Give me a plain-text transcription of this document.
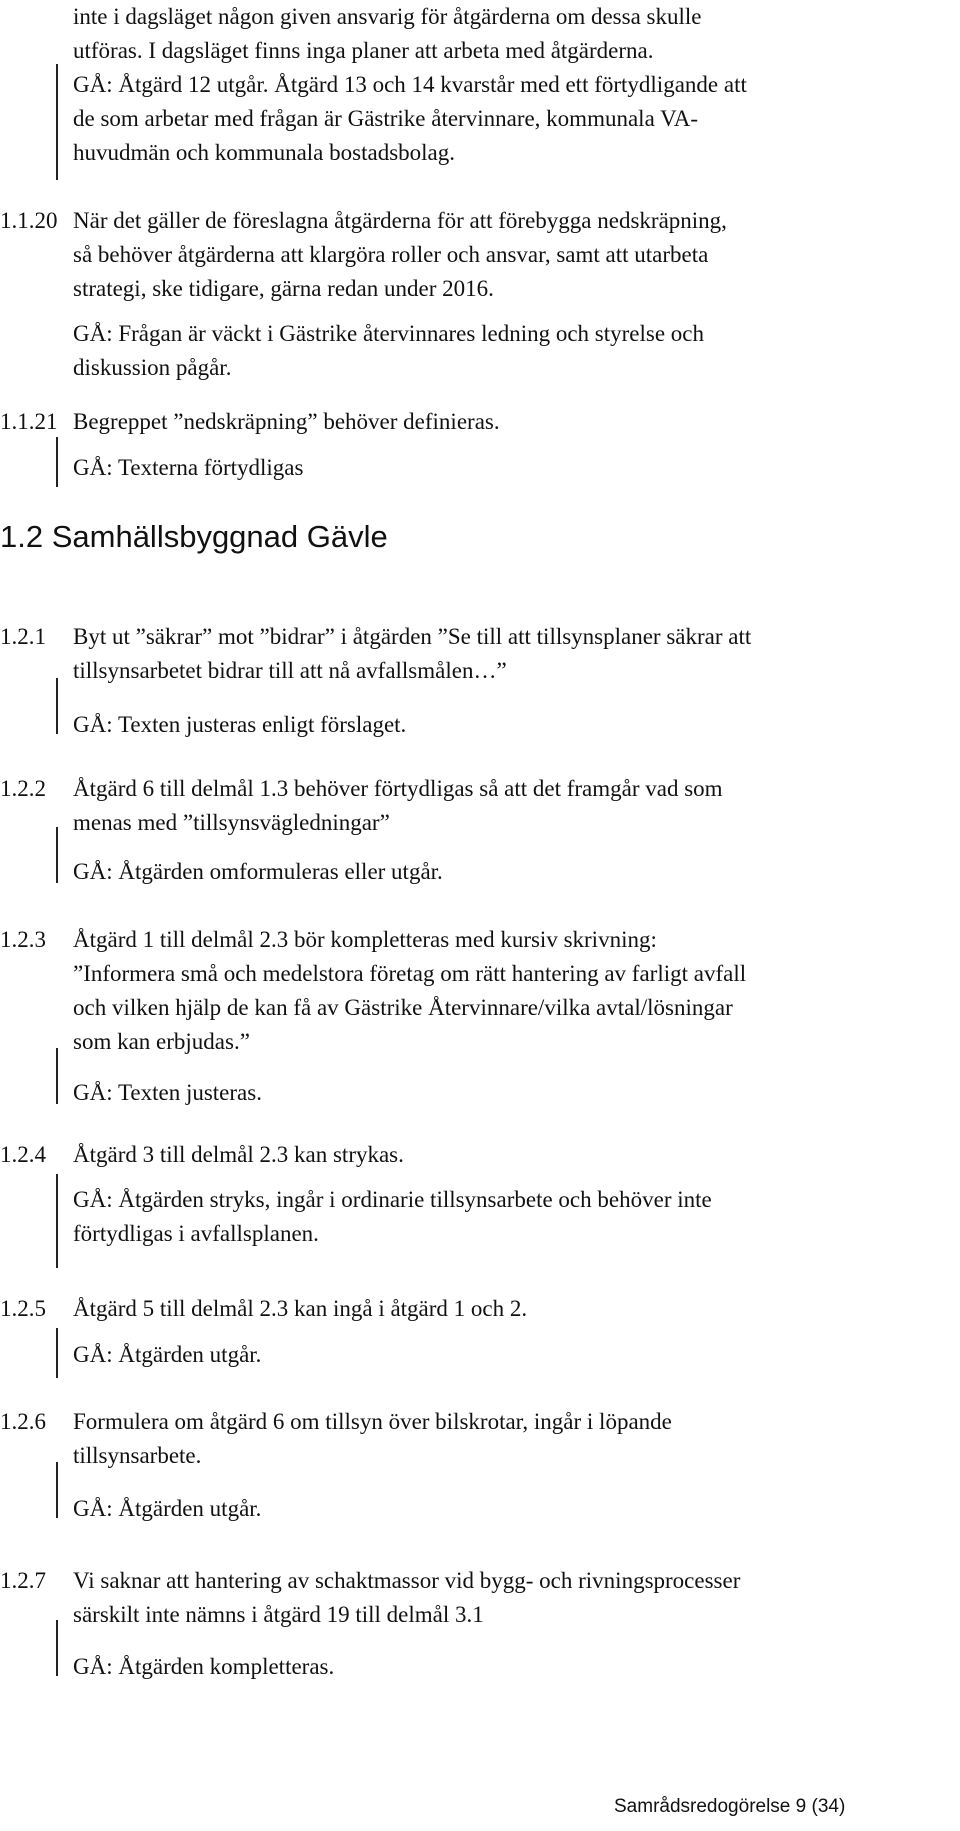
inte i dagsläget någon given ansvarig för åtgärderna om dessa skulle
utföras. I dagsläget finns inga planer att arbeta med åtgärderna.
GÅ: Åtgärd 12 utgår. Åtgärd 13 och 14 kvarstår med ett förtydligande att
de som arbetar med frågan är Gästrike återvinnare, kommunala VA-
huvudmän och kommunala bostadsbolag.
1.1.20 När det gäller de föreslagna åtgärderna för att förebygga nedskräpning,
så behöver åtgärderna att klargöra roller och ansvar, samt att utarbeta
strategi, ske tidigare, gärna redan under 2016.
GÅ: Frågan är väckt i Gästrike återvinnares ledning och styrelse och
diskussion pågår.
1.1.21 Begreppet ”nedskräpning” behöver definieras.
GÅ: Texterna förtydligas
1.2 Samhällsbyggnad Gävle
1.2.1 Byt ut ”säkrar” mot ”bidrar” i åtgärden ”Se till att tillsynsplaner säkrar att
tillsynsarbetet bidrar till att nå avfallsmålen…”
GÅ: Texten justeras enligt förslaget.
1.2.2 Åtgärd 6 till delmål 1.3 behöver förtydligas så att det framgår vad som
menas med ”tillsynsvägledningar”
GÅ: Åtgärden omformuleras eller utgår.
1.2.3 Åtgärd 1 till delmål 2.3 bör kompletteras med kursiv skrivning:
”Informera små och medelstora företag om rätt hantering av farligt avfall
och vilken hjälp de kan få av Gästrike Återvinnare/vilka avtal/lösningar
som kan erbjudas.”
GÅ: Texten justeras.
1.2.4 Åtgärd 3 till delmål 2.3 kan strykas.
GÅ: Åtgärden stryks, ingår i ordinarie tillsynsarbete och behöver inte
förtydligas i avfallsplanen.
1.2.5 Åtgärd 5 till delmål 2.3 kan ingå i åtgärd 1 och 2.
GÅ: Åtgärden utgår.
1.2.6 Formulera om åtgärd 6 om tillsyn över bilskrotar, ingår i löpande
tillsynsarbete.
GÅ: Åtgärden utgår.
1.2.7 Vi saknar att hantering av schaktmassor vid bygg- och rivningsprocesser
särskilt inte nämns i åtgärd 19 till delmål 3.1
GÅ: Åtgärden kompletteras.
Samrådsredogörelse 9 (34)
